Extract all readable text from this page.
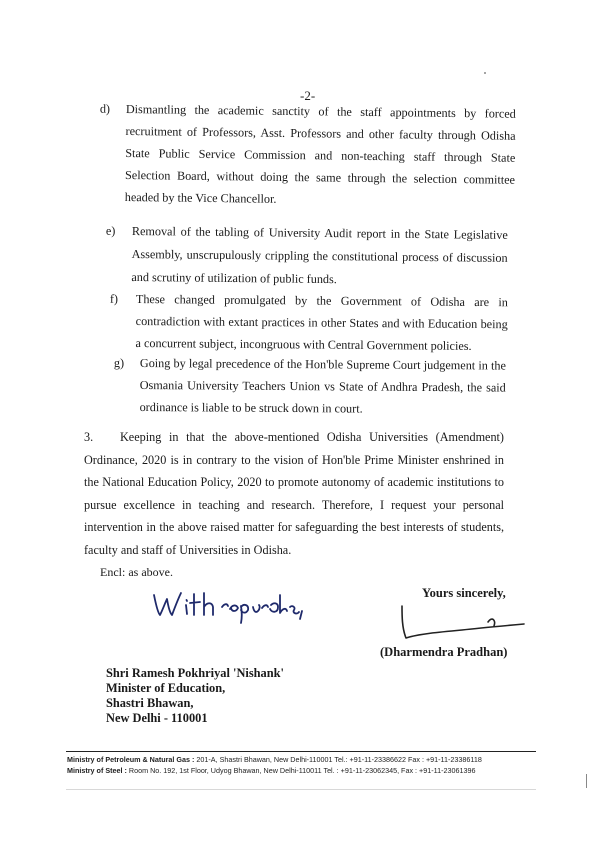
-2-
d) Dismantling the academic sanctity of the staff appointments by forced
recruitment of Professors, Asst. Professors and other faculty through Odisha
State Public Service Commission and non-teaching staff through State
Selection Board, without doing the same through the selection committee
headed by the Vice Chancellor.
e) Removal of the tabling of University Audit report in the State Legislative
Assembly, unscrupulously crippling the constitutional process of discussion
and scrutiny of utilization of public funds.
f) These changed promulgated by the Government of Odisha are in
contradiction with extant practices in other States and with Education being
a concurrent subject, incongruous with Central Government policies.
g) Going by legal precedence of the Hon'ble Supreme Court judgement in the
Osmania University Teachers Union vs State of Andhra Pradesh, the said
ordinance is liable to be struck down in court.
3. Keeping in that the above-mentioned Odisha Universities (Amendment)
Ordinance, 2020 is in contrary to the vision of Hon'ble Prime Minister enshrined in
the National Education Policy, 2020 to promote autonomy of academic institutions to
pursue excellence in teaching and research. Therefore, I request your personal
intervention in the above raised matter for safeguarding the best interests of students,
faculty and staff of Universities in Odisha.
Encl: as above.
Yours sincerely,
(Dharmendra Pradhan)
Shri Ramesh Pokhriyal 'Nishank'
Minister of Education,
Shastri Bhawan,
New Delhi - 110001
Ministry of Petroleum & Natural Gas : 201-A, Shastri Bhawan, New Delhi-110001 Tel.: +91-11-23386622 Fax : +91-11-23386118
Ministry of Steel : Room No. 192, 1st Floor, Udyog Bhawan, New Delhi-110011 Tel. : +91-11-23062345, Fax : +91-11-23061396
